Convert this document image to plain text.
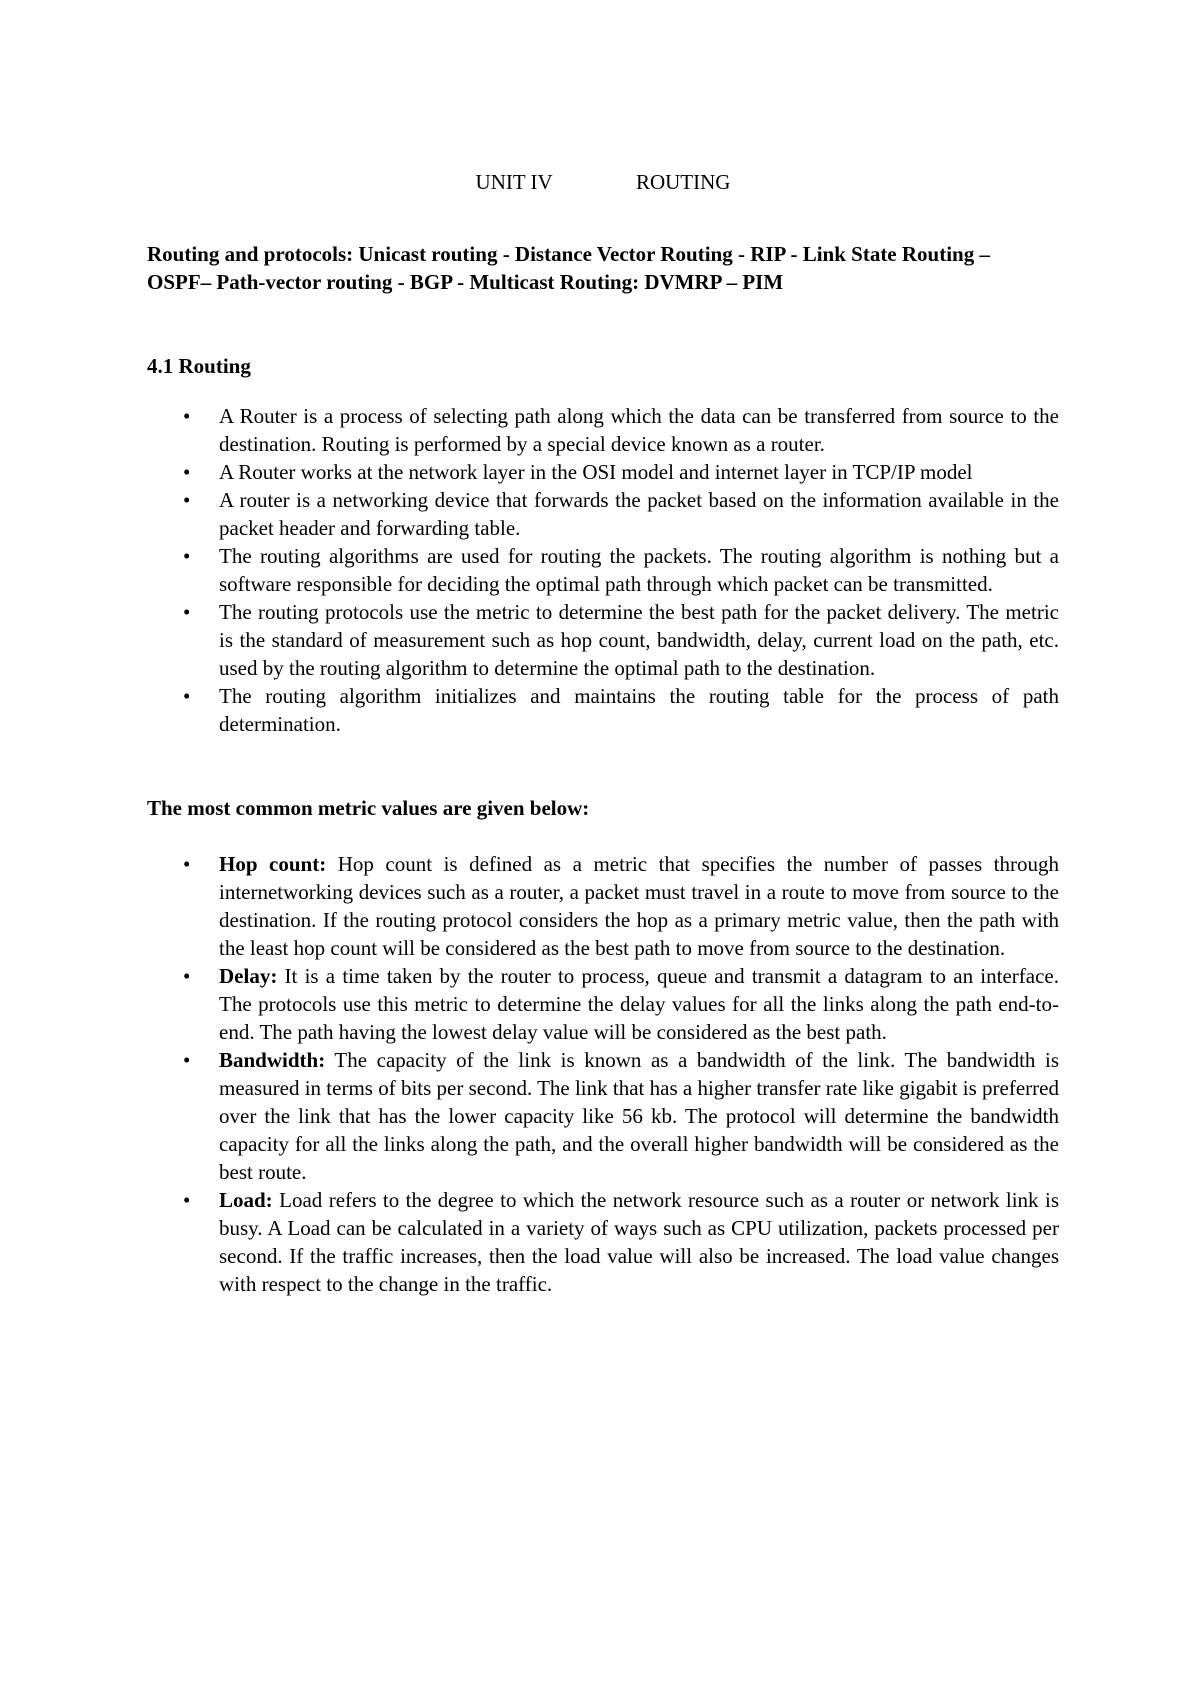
UNIT IV	ROUTING
Routing and protocols: Unicast routing - Distance Vector Routing - RIP - Link State Routing – OSPF– Path-vector routing - BGP - Multicast Routing: DVMRP – PIM
4.1 Routing
• A Router is a process of selecting path along which the data can be transferred from source to the destination. Routing is performed by a special device known as a router.
• A Router works at the network layer in the OSI model and internet layer in TCP/IP model
• A router is a networking device that forwards the packet based on the information available in the packet header and forwarding table.
• The routing algorithms are used for routing the packets. The routing algorithm is nothing but a software responsible for deciding the optimal path through which packet can be transmitted.
• The routing protocols use the metric to determine the best path for the packet delivery. The metric is the standard of measurement such as hop count, bandwidth, delay, current load on the path, etc. used by the routing algorithm to determine the optimal path to the destination.
• The routing algorithm initializes and maintains the routing table for the process of path determination.
The most common metric values are given below:
• Hop count: Hop count is defined as a metric that specifies the number of passes through internetworking devices such as a router, a packet must travel in a route to move from source to the destination. If the routing protocol considers the hop as a primary metric value, then the path with the least hop count will be considered as the best path to move from source to the destination.
• Delay: It is a time taken by the router to process, queue and transmit a datagram to an interface. The protocols use this metric to determine the delay values for all the links along the path end-to-end. The path having the lowest delay value will be considered as the best path.
• Bandwidth: The capacity of the link is known as a bandwidth of the link. The bandwidth is measured in terms of bits per second. The link that has a higher transfer rate like gigabit is preferred over the link that has the lower capacity like 56 kb. The protocol will determine the bandwidth capacity for all the links along the path, and the overall higher bandwidth will be considered as the best route.
• Load: Load refers to the degree to which the network resource such as a router or network link is busy. A Load can be calculated in a variety of ways such as CPU utilization, packets processed per second. If the traffic increases, then the load value will also be increased. The load value changes with respect to the change in the traffic.
